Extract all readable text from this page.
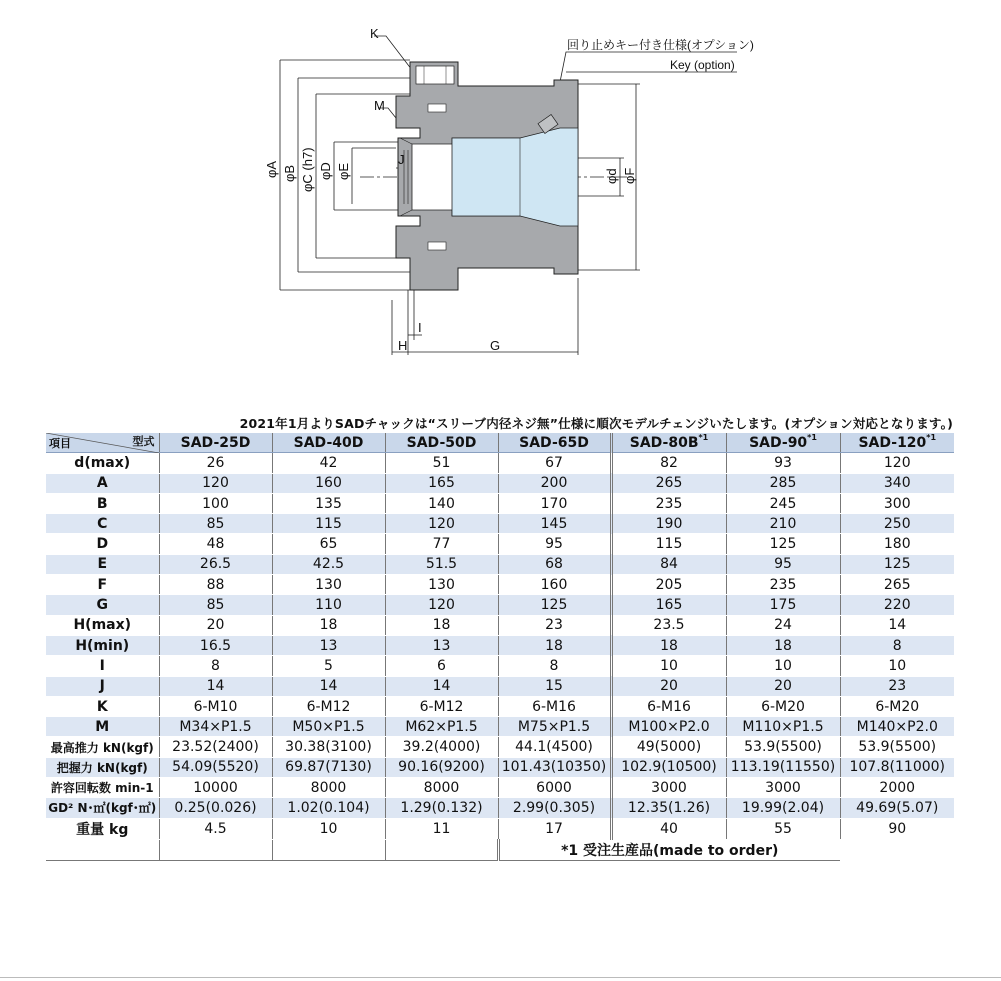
K
M
J
H
I
G
回り止めキー付き仕様(オプション)
Key (option)
φA φB φC (h7) φD φE	φd φF
2021年1月よりSADチャックは“スリーブ内径ネジ無”仕様に順次モデルチェンジいたします。(オプション対応となります。)
項目 型式	SAD-25D	SAD-40D	SAD-50D	SAD-65D	SAD-$80B^{*1}$	SAD-90$^{*1}$	SAD-120$^{*1}$
d(max)	26	42	51	67	82	93	120
A	120	160	165	200	265	285	340
B	100	135	140	170	235	245	300
C	85	115	120	145	190	210	250
D	48	65	77	95	115	125	180
E	26.5	42.5	51.5	68	84	95	125
F	88	130	130	160	205	235	265
G	85	110	120	125	165	175	220
H(max)	20	18	18	23	23.5	24	14
H(min)	16.5	13	13	18	18	18	8
I	8	5	6	8	10	10	10
J	14	14	14	15	20	20	23
K	6-M10	6-M12	6-M12	6-M16	6-M16	6-M20	6-M20
M	M34×P1.5	M50×P1.5	M62×P1.5	M75×P1.5	M100×P2.0	M110×P1.5	M140×P2.0
最高推力 kN(kgf)	23.52(2400)	30.38(3100)	39.2(4000)	44.1(4500)	49(5000)	53.9(5500)	53.9(5500)
把握力 kN(kgf)	54.09(5520)	69.87(7130)	90.16(9200)	101.43(10350)	102.9(10500)	113.19(11550)	107.8(11000)
許容回転数 min-1	10000	8000	8000	6000	3000	3000	2000
GD² N･㎡(kgf･㎡)	0.25(0.026)	1.02(0.104)	1.29(0.132)	2.99(0.305)	12.35(1.26)	19.99(2.04)	49.69(5.07)
重量 kg	4.5	10	11	17	40	55	90
				*1 受注生産品(made to order)			
